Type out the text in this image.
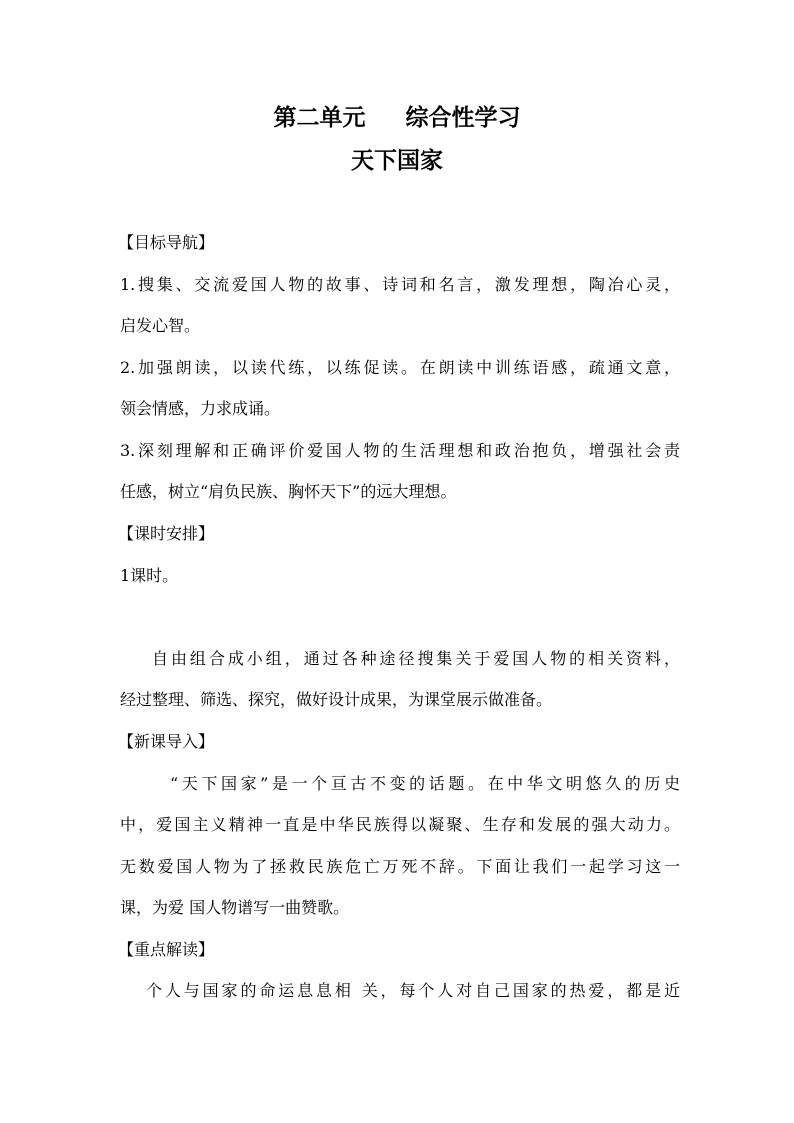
第二单元 综合性学习
天下国家
【目标导航】
1.搜集、交流爱国人物的故事、诗词和名言，激发理想，陶冶心灵，
启发心智。
2.加强朗读，以读代练，以练促读。在朗读中训练语感，疏通文意，
领会情感，力求成诵。
3.深刻理解和正确评价爱国人物的生活理想和政治抱负，增强社会责
任感，树立“肩负民族、胸怀天下”的远大理想。
【课时安排】
1课时。
自由组合成小组，通过各种途径搜集关于爱国人物的相关资料，
经过整理、筛选、探究，做好设计成果，为课堂展示做准备。
【新课导入】
“天下国家”是一个亘古不变的话题。在中华文明悠久的历史
中，爱国主义精神一直是中华民族得以凝聚、生存和发展的强大动力。
无数爱国人物为了拯救民族危亡万死不辞。下面让我们一起学习这一
课，为爱 国人物谱写一曲赞歌。
【重点解读】
个人与国家的命运息息相 关，每个人对自己国家的热爱，都是近
